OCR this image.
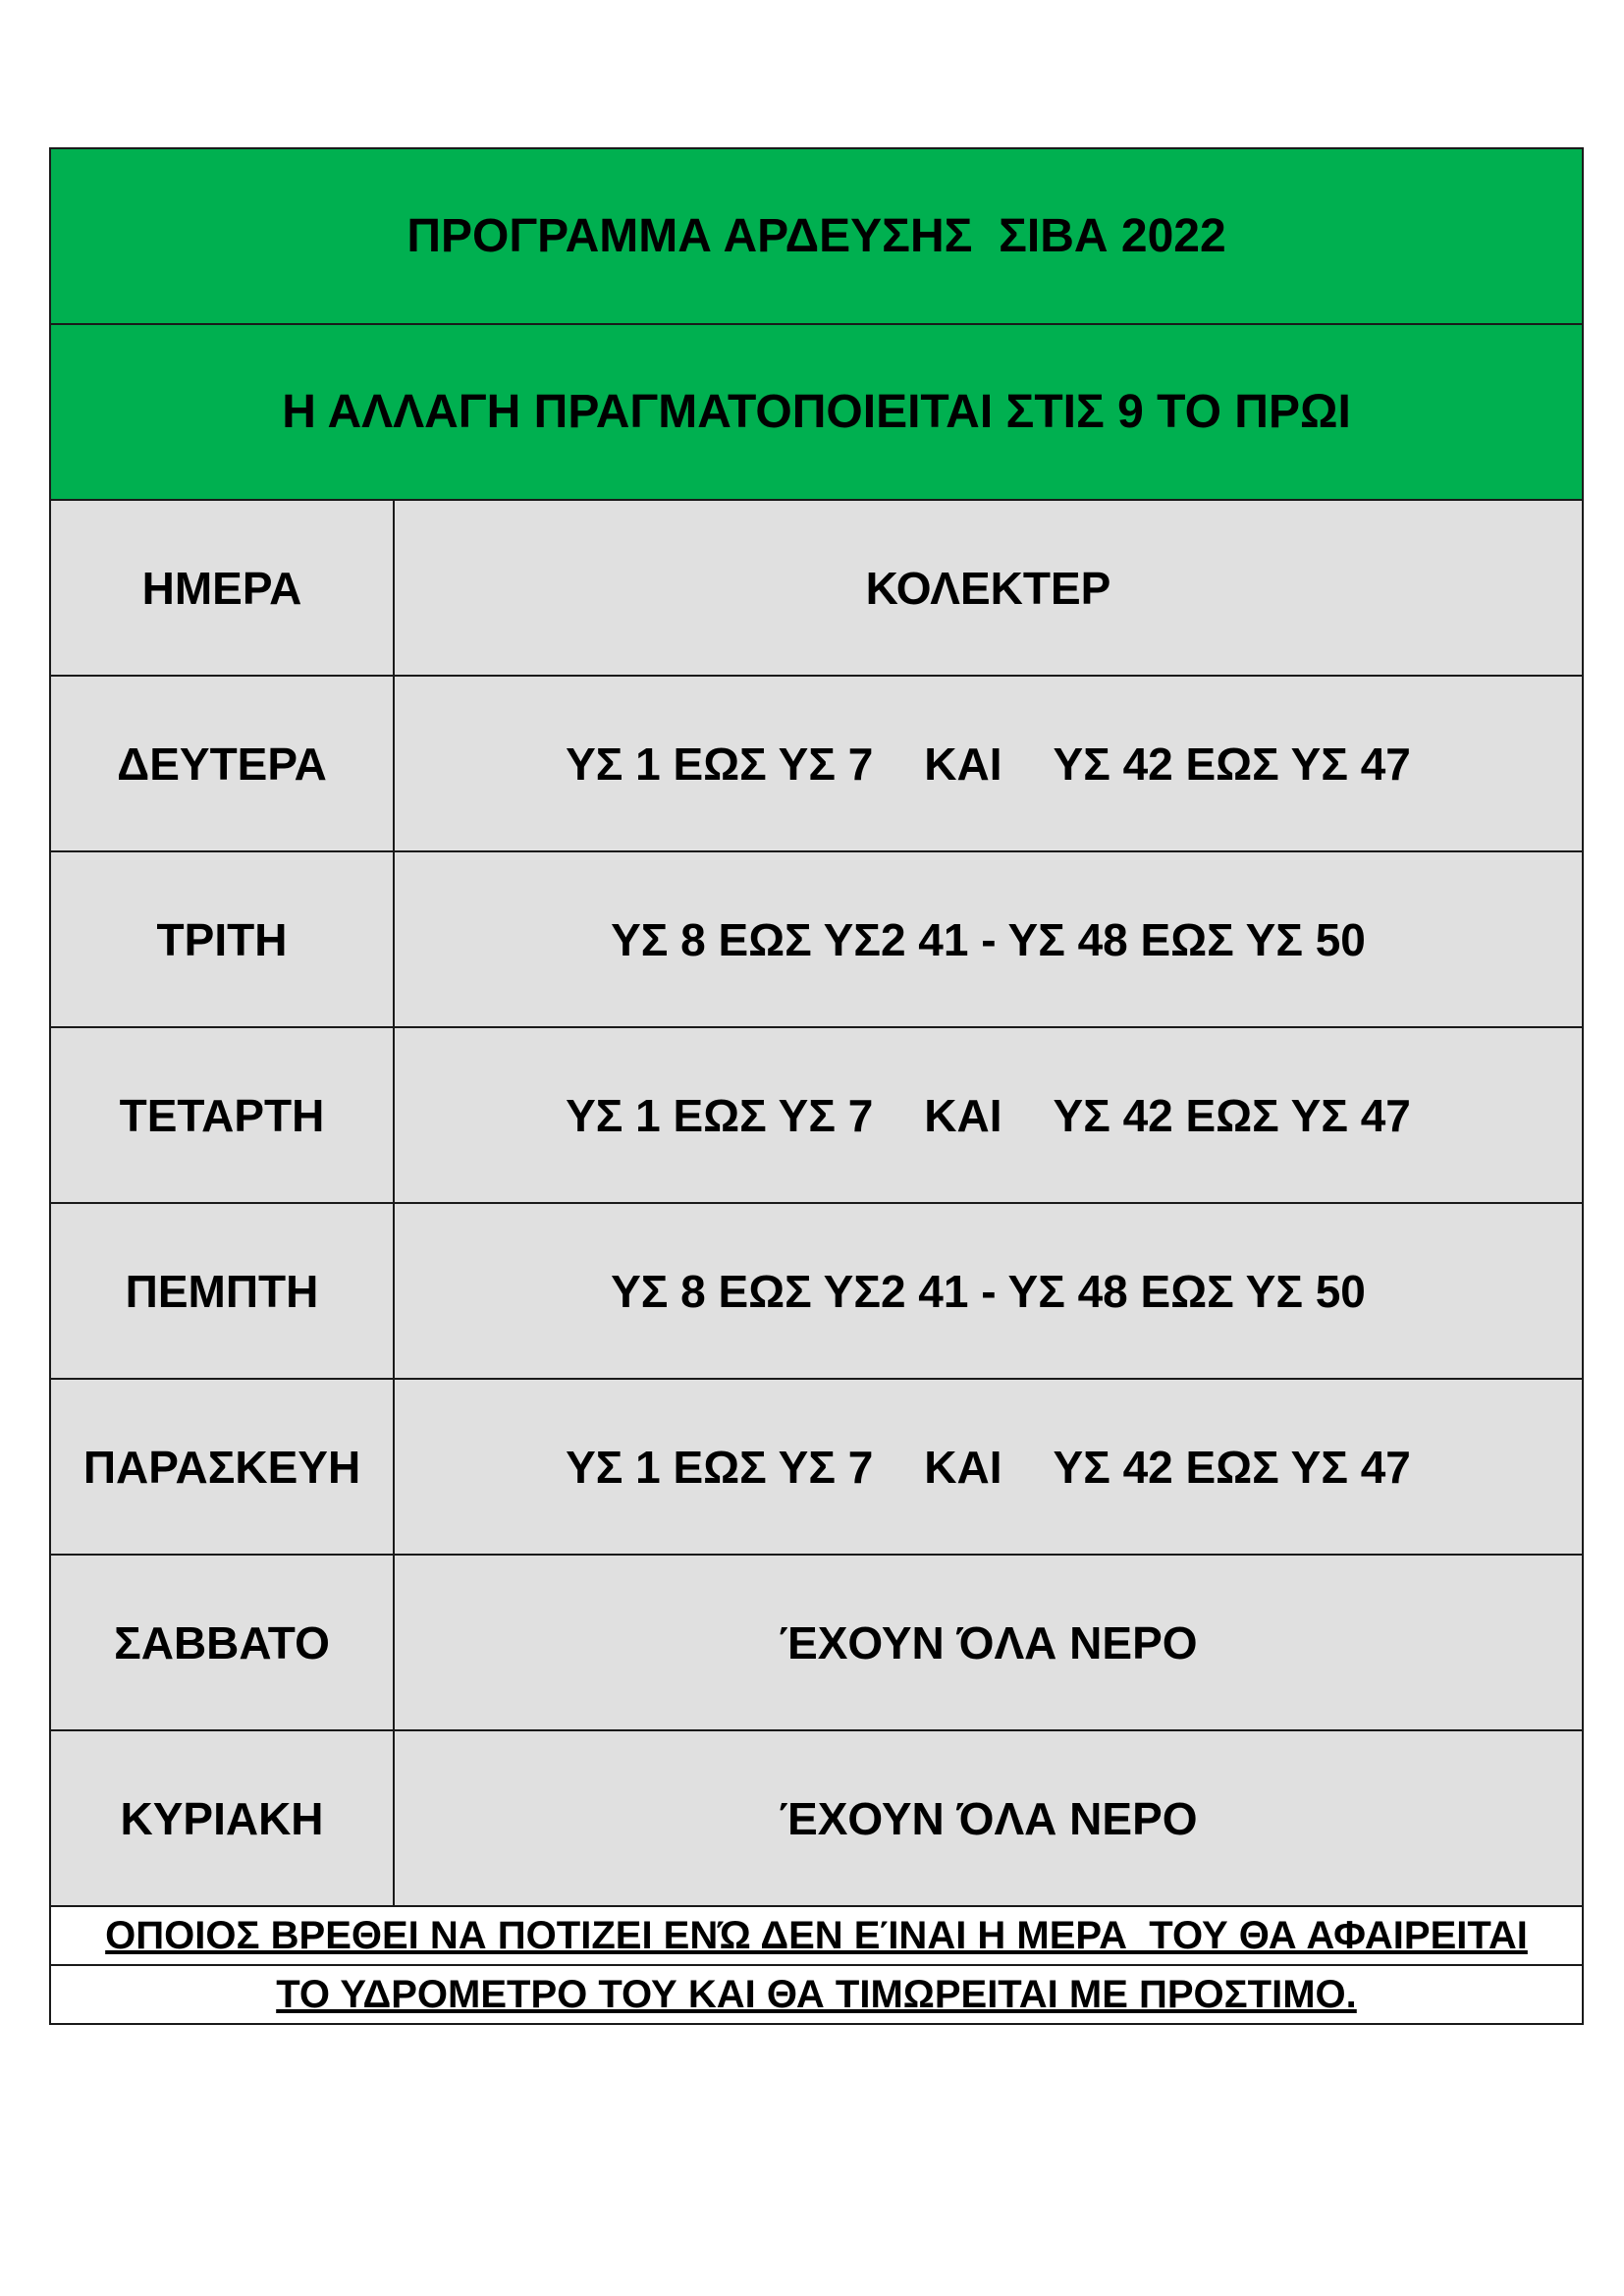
ΠΡΟΓΡΑΜΜΑ ΑΡΔΕΥΣΗΣ  ΣΙΒΑ 2022	
Η ΑΛΛΑΓΗ ΠΡΑΓΜΑΤΟΠΟΙΕΙΤΑΙ ΣΤΙΣ 9 ΤΟ ΠΡΩΙ	
ΗΜΕΡΑ	ΚΟΛΕΚΤΕΡ
ΔΕΥΤΕΡΑ	ΥΣ 1 ΕΩΣ ΥΣ 7 ΚΑΙ ΥΣ 42 ΕΩΣ ΥΣ 47
ΤΡΙΤΗ	ΥΣ 8 ΕΩΣ ΥΣ2 41 - ΥΣ 48 ΕΩΣ ΥΣ 50
ΤΕΤΑΡΤΗ	ΥΣ 1 ΕΩΣ ΥΣ 7 ΚΑΙ ΥΣ 42 ΕΩΣ ΥΣ 47
ΠΕΜΠΤΗ	ΥΣ 8 ΕΩΣ ΥΣ2 41 - ΥΣ 48 ΕΩΣ ΥΣ 50
ΠΑΡΑΣΚΕΥΗ	ΥΣ 1 ΕΩΣ ΥΣ 7 ΚΑΙ ΥΣ 42 ΕΩΣ ΥΣ 47
ΣΑΒΒΑΤΟ	ΈΧΟΥΝ ΌΛΑ ΝΕΡΟ
ΚΥΡΙΑΚΗ	ΈΧΟΥΝ ΌΛΑ ΝΕΡΟ
ΟΠΟΙΟΣ ΒΡΕΘΕΙ ΝΑ ΠΟΤΙΖΕΙ ΕΝΏ ΔΕΝ ΕΊΝΑΙ Η ΜΕΡΑ  ΤΟΥ ΘΑ ΑΦΑΙΡΕΙΤΑΙ	
ΤΟ ΥΔΡΟΜΕΤΡΟ ΤΟΥ ΚΑΙ ΘΑ ΤΙΜΩΡΕΙΤΑΙ ΜΕ ΠΡΟΣΤΙΜΟ.	
